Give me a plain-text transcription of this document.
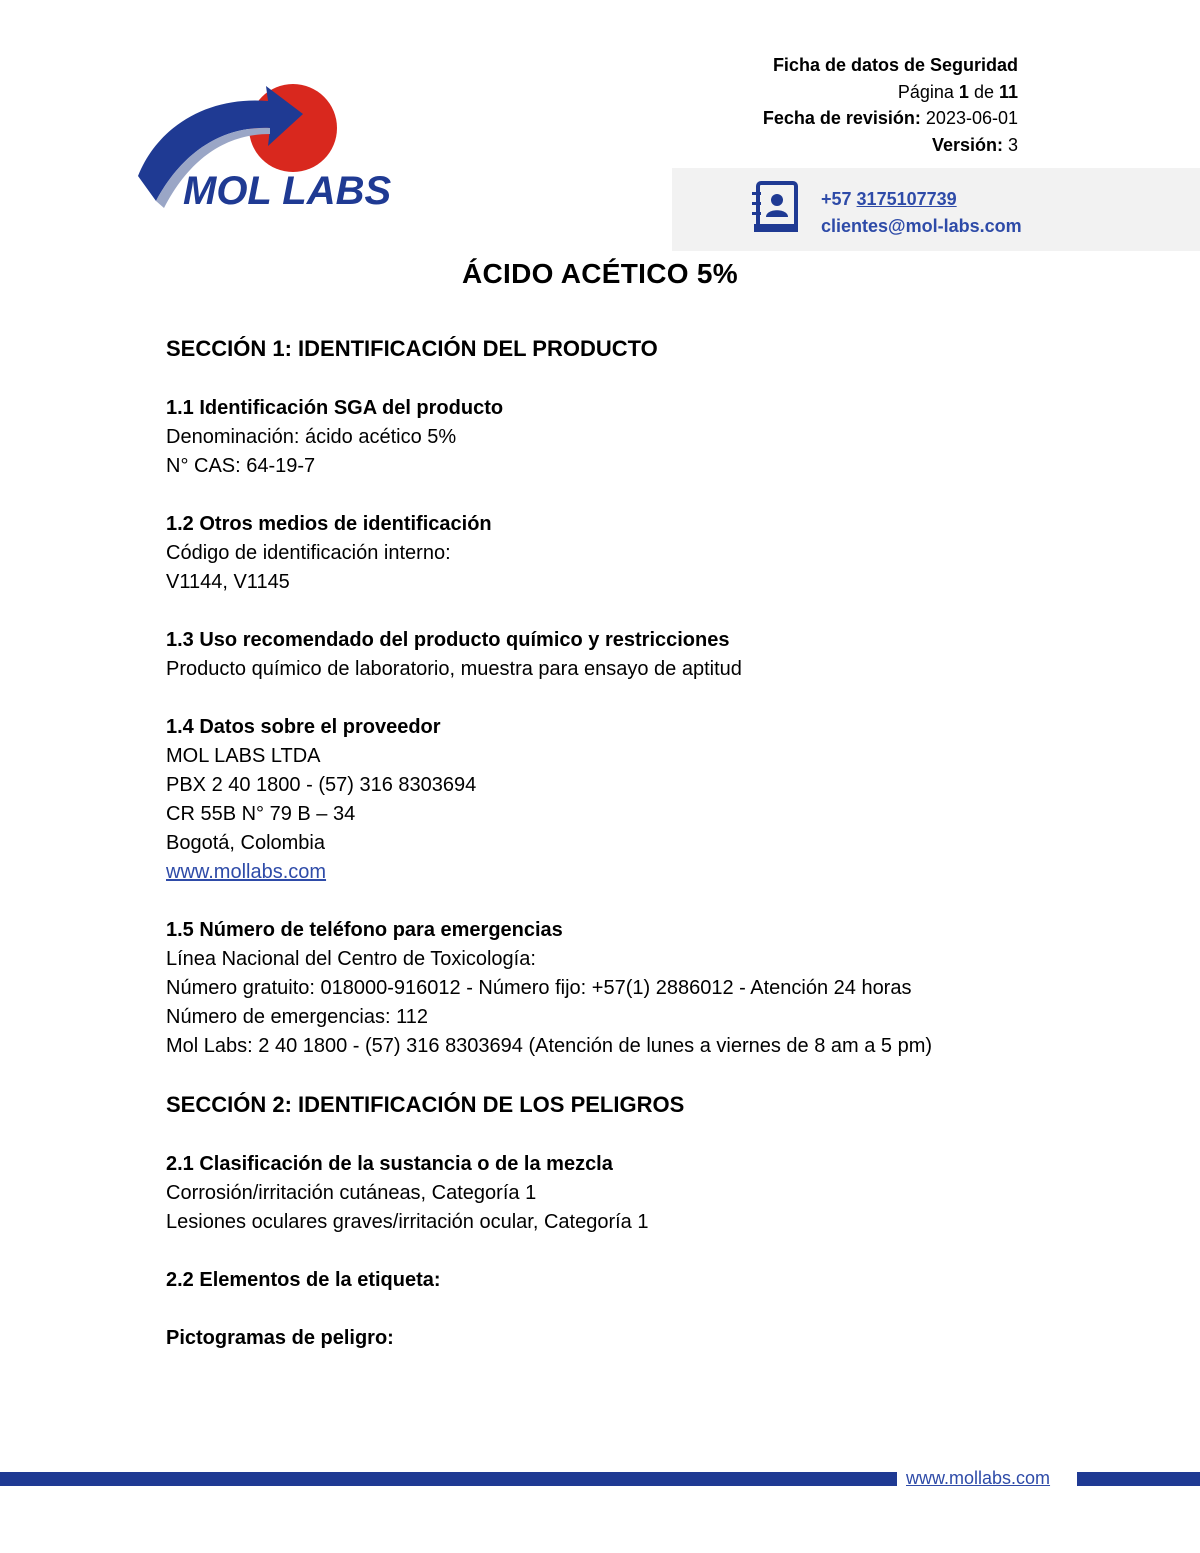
MOL LABS
Ficha de datos de Seguridad
Página 1 de 11
Fecha de revisión: 2023-06-01
Versión: 3
+57 3175107739
clientes@mol-labs.com
ÁCIDO ACÉTICO 5%
SECCIÓN 1: IDENTIFICACIÓN DEL PRODUCTO
1.1 Identificación SGA del producto
Denominación: ácido acético 5%
N° CAS: 64-19-7
1.2 Otros medios de identificación
Código de identificación interno:
V1144, V1145
1.3 Uso recomendado del producto químico y restricciones
Producto químico de laboratorio, muestra para ensayo de aptitud
1.4 Datos sobre el proveedor
MOL LABS LTDA
PBX 2 40 1800 - (57) 316 8303694
CR 55B N° 79 B – 34
Bogotá, Colombia
www.mollabs.com
1.5 Número de teléfono para emergencias
Línea Nacional del Centro de Toxicología:
Número gratuito: 018000-916012 - Número fijo: +57(1) 2886012 - Atención 24 horas
Número de emergencias: 112
Mol Labs: 2 40 1800 - (57) 316 8303694 (Atención de lunes a viernes de 8 am a 5 pm)
SECCIÓN 2: IDENTIFICACIÓN DE LOS PELIGROS
2.1 Clasificación de la sustancia o de la mezcla
Corrosión/irritación cutáneas, Categoría 1
Lesiones oculares graves/irritación ocular, Categoría 1
2.2 Elementos de la etiqueta:
Pictogramas de peligro:
www.mollabs.com
